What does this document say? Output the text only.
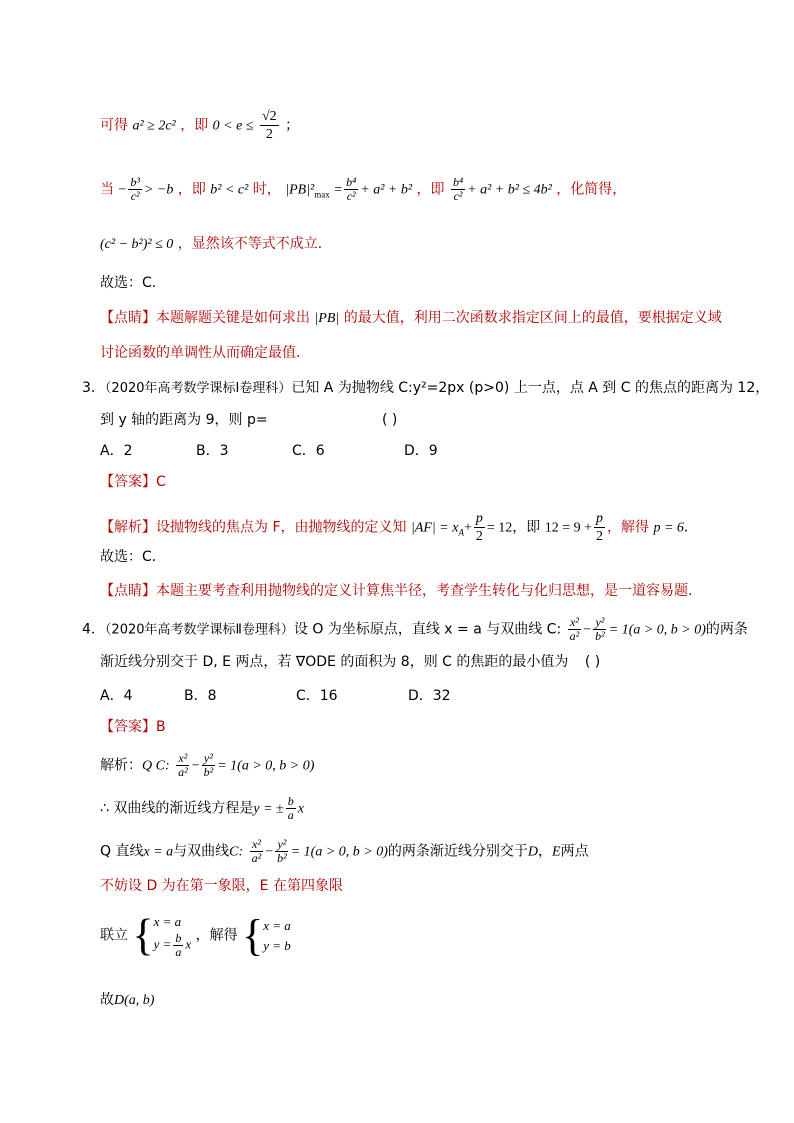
可得 a² ≥ 2c² ，即 $0 < e \le \frac{√2}{2}$ ；
当 − $\frac{\text{b³}}{\text{c²}} > -b$ ，即 b² < c² 时， $|PB|^2_{max} = \frac{\text{b⁴}}{\text{c²}} + a^2 + b^2$ ，即 $\frac{\text{b⁴}}{\text{c²}} + a^2 + b^2 \le 4b^2$ ，化简得，
(c² − b²)² ≤ 0 ，显然该不等式不成立．
故选：C．
【点睛】本题解题关键是如何求出 |PB| 的最大值，利用二次函数求指定区间上的最值，要根据定义域
讨论函数的单调性从而确定最值．
3．（2020年高考数学课标Ⅰ卷理科）已知 A 为抛物线 C:y²=2px (p>0) 上一点，点 A 到 C 的焦点的距离为 12，
到 y 轴的距离为 9，则 p=	( )
A．2	B．3	C．6	D．9
【答案】C
【解析】设抛物线的焦点为 F，由抛物线的定义知 $|AF| = x_A+ \frac{p}{2} = 12$，即 $12 = 9 + \frac{p}{2}$ ，解得 p = 6．
故选：C．
【点睛】本题主要考查利用抛物线的定义计算焦半径，考查学生转化与化归思想，是一道容易题．
4．（2020年高考数学课标Ⅱ卷理科）设 O 为坐标原点，直线 x = a 与双曲线 C: $\frac{\text{x²}}{\text{a²}} - \frac{\text{y²}}{\text{b²}} = 1(a > 0$, b > 0)的两条
渐近线分别交于 D, E 两点，若 ∇ODE 的面积为 8，则 C 的焦距的最小值为 ( )
A．4	B．8	C．16	D．32
【答案】B
解析：Q C: $\frac{\text{x²}}{\text{a²}} - \frac{\text{y²}}{\text{b²}} = 1(a > 0$, b > 0)
∴ 双曲线的渐近线方程是y = ± $\frac{b}{a}$ x
Q 直线x = a与双曲线C: $\frac{\text{x²}}{\text{a²}} - \frac{\text{y²}}{\text{b²}} = 1(a > 0$, b > 0)的两条渐近线分别交于D，E两点
不妨设 D 为在第一象限，E 在第四象限
联立 { x = a
$y = \frac{b}{a}$ x
，解得 { x = a
y = b
故D(a, b)
